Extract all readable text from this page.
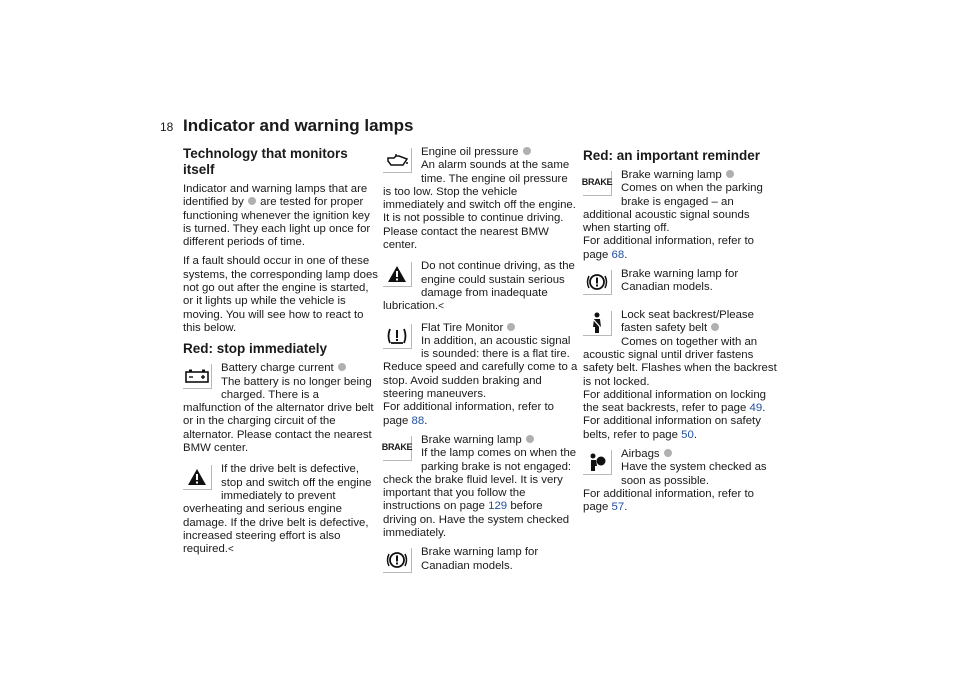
18 Indicator and warning lamps
Technology that monitors itself

Indicator and warning lamps that are identified by are tested for proper functioning whenever the ignition key is turned. They each light up once for different periods of time.

If a fault should occur in one of these systems, the corresponding lamp does not go out after the engine is started, or it lights up while the vehicle is moving. You will see how to react to this below.

Red: stop immediately
Battery charge current
The battery is no longer being charged. There is a malfunction of the alternator drive belt or in the charging circuit of the alternator. Please contact the nearest BMW center.
If the drive belt is defective, stop and switch off the engine immediately to prevent overheating and serious engine damage. If the drive belt is defective, increased steering effort is also required.<
Engine oil pressure
An alarm sounds at the same time. The engine oil pressure is too low. Stop the vehicle immediately and switch off the engine. It is not possible to continue driving. Please contact the nearest BMW center.
Do not continue driving, as the engine could sustain serious damage from inadequate lubrication.<
Flat Tire Monitor
In addition, an acoustic signal is sounded: there is a flat tire. Reduce speed and carefully come to a stop. Avoid sudden braking and steering maneuvers.
For additional information, refer to page 88.
BRAKE
Brake warning lamp
If the lamp comes on when the parking brake is not engaged: check the brake fluid level. It is very important that you follow the instructions on page 129 before driving on. Have the system checked immediately.
Brake warning lamp for Canadian models.
Red: an important reminder
BRAKE
Brake warning lamp
Comes on when the parking brake is engaged – an additional acoustic signal sounds when starting off.
For additional information, refer to page 68.
Brake warning lamp for Canadian models.
Lock seat backrest/Please fasten safety belt
Comes on together with an acoustic signal until driver fastens safety belt. Flashes when the backrest is not locked.
For additional information on locking the seat backrests, refer to page 49.
For additional information on safety belts, refer to page 50.
Airbags
Have the system checked as soon as possible.
For additional information, refer to page 57.
